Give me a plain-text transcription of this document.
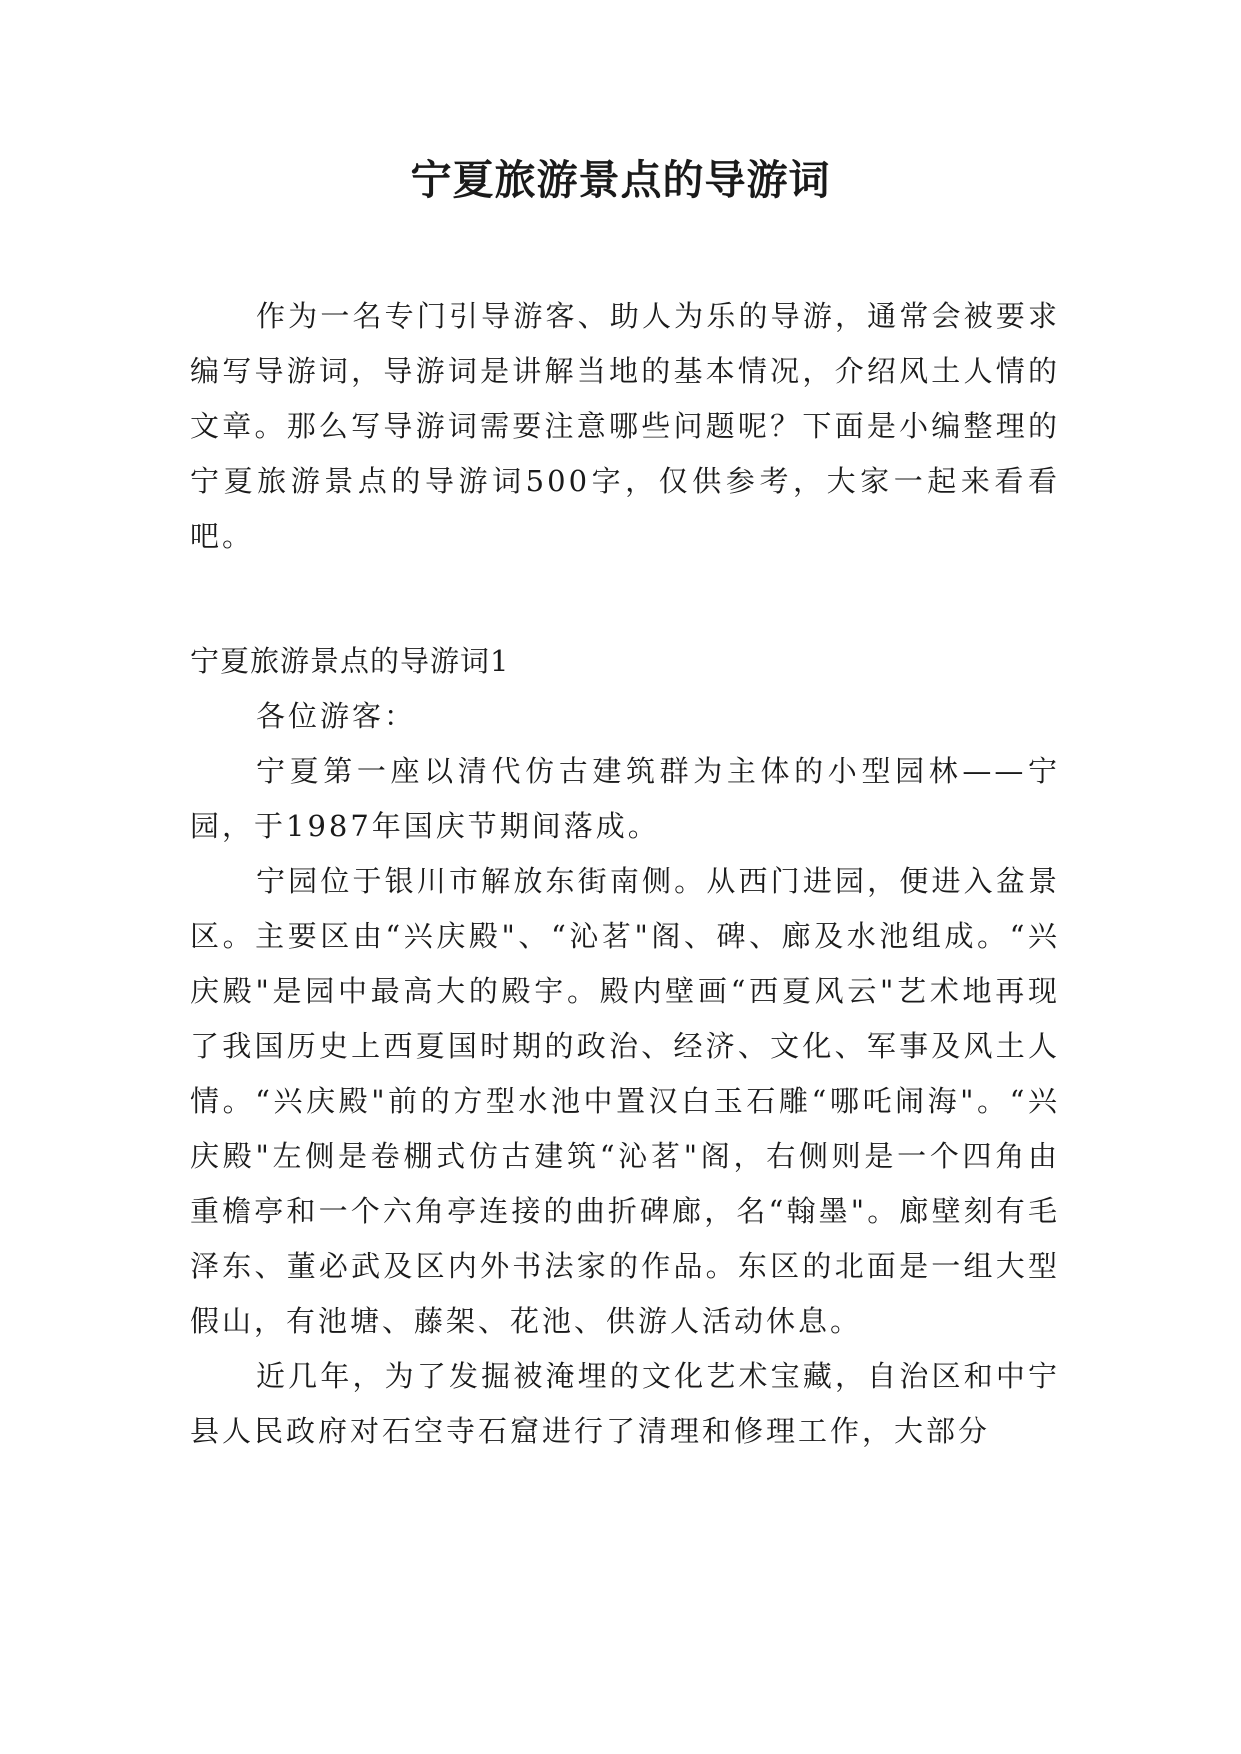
宁夏旅游景点的导游词

作为一名专门引导游客、助人为乐的导游，通常会被要求编写导游词，导游词是讲解当地的基本情况，介绍风土人情的文章。那么写导游词需要注意哪些问题呢？下面是小编整理的宁夏旅游景点的导游词500字，仅供参考，大家一起来看看吧。

宁夏旅游景点的导游词1

各位游客：

宁夏第一座以清代仿古建筑群为主体的小型园林——宁园，于1987年国庆节期间落成。

宁园位于银川市解放东街南侧。从西门进园，便进入盆景区。主要区由“兴庆殿"、“沁茗"阁、碑、廊及水池组成。“兴庆殿"是园中最高大的殿宇。殿内壁画“西夏风云"艺术地再现了我国历史上西夏国时期的政治、经济、文化、军事及风土人情。“兴庆殿"前的方型水池中置汉白玉石雕“哪吒闹海"。“兴庆殿"左侧是卷棚式仿古建筑“沁茗"阁，右侧则是一个四角由重檐亭和一个六角亭连接的曲折碑廊，名“翰墨"。廊壁刻有毛泽东、董必武及区内外书法家的作品。东区的北面是一组大型假山，有池塘、藤架、花池、供游人活动休息。

近几年，为了发掘被淹埋的文化艺术宝藏，自治区和中宁县人民政府对石空寺石窟进行了清理和修理工作，大部分
